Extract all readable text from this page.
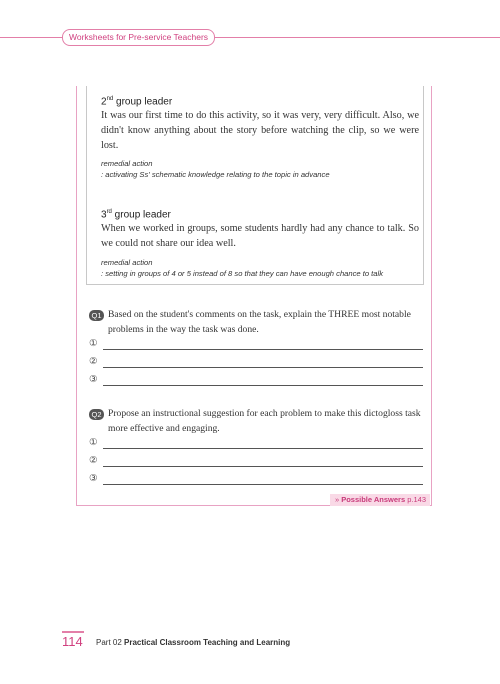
Worksheets for Pre-service Teachers
2nd group leader
It was our first time to do this activity, so it was very, very difficult. Also, we didn't know anything about the story before watching the clip, so we were lost.
remedial action
: activating Ss' schematic knowledge relating to the topic in advance
3rd group leader
When we worked in groups, some students hardly had any chance to talk. So we could not share our idea well.
remedial action
: setting in groups of 4 or 5 instead of 8 so that they can have enough chance to talk
Q1 Based on the student's comments on the task, explain the THREE most notable problems in the way the task was done.
①
②
③
Q2 Propose an instructional suggestion for each problem to make this dictogloss task more effective and engaging.
①
②
③
» Possible Answers p.143
114 Part 02 Practical Classroom Teaching and Learning
